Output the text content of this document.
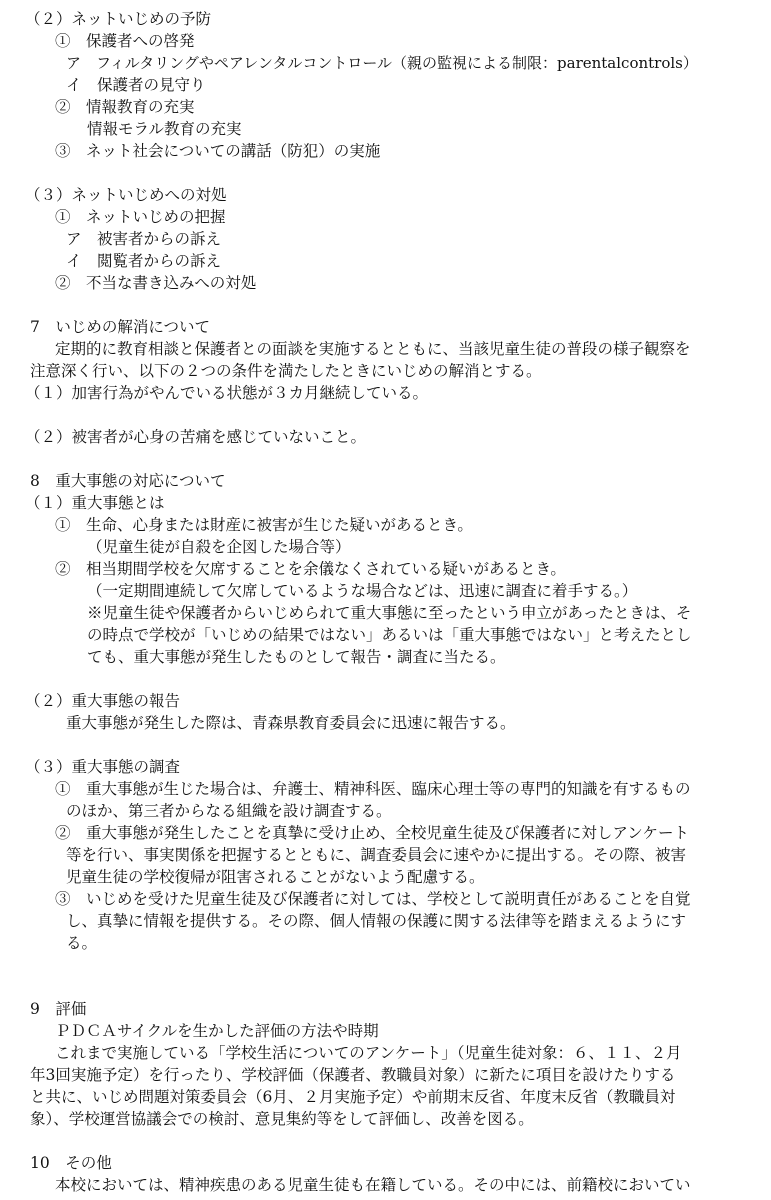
（２）ネットいじめの予防
①　保護者への啓発
ア　フィルタリングやペアレンタルコントロール（親の監視による制限：parentalcontrols）
イ　保護者の見守り
②　情報教育の充実
情報モラル教育の充実
③　ネット社会についての講話（防犯）の実施
（３）ネットいじめへの対処
①　ネットいじめの把握
ア　被害者からの訴え
イ　閲覧者からの訴え
②　不当な書き込みへの対処
7　いじめの解消について
定期的に教育相談と保護者との面談を実施するとともに、当該児童生徒の普段の様子観察を
注意深く行い、以下の２つの条件を満たしたときにいじめの解消とする。
（１）加害行為がやんでいる状態が３カ月継続している。
（２）被害者が心身の苦痛を感じていないこと。
8　重大事態の対応について
（１）重大事態とは
①　生命、心身または財産に被害が生じた疑いがあるとき。
（児童生徒が自殺を企図した場合等）
②　相当期間学校を欠席することを余儀なくされている疑いがあるとき。
（一定期間連続して欠席しているような場合などは、迅速に調査に着手する。）
※児童生徒や保護者からいじめられて重大事態に至ったという申立があったときは、そ
の時点で学校が「いじめの結果ではない」あるいは「重大事態ではない」と考えたとし
ても、重大事態が発生したものとして報告・調査に当たる。
（２）重大事態の報告
重大事態が発生した際は、青森県教育委員会に迅速に報告する。
（３）重大事態の調査
①　重大事態が生じた場合は、弁護士、精神科医、臨床心理士等の専門的知識を有するもの
のほか、第三者からなる組織を設け調査する。
②　重大事態が発生したことを真摯に受け止め、全校児童生徒及び保護者に対しアンケート
等を行い、事実関係を把握するとともに、調査委員会に速やかに提出する。その際、被害
児童生徒の学校復帰が阻害されることがないよう配慮する。
③　いじめを受けた児童生徒及び保護者に対しては、学校として説明責任があることを自覚
し、真摯に情報を提供する。その際、個人情報の保護に関する法律等を踏まえるようにす
る。
9　評価
ＰＤＣＡサイクルを生かした評価の方法や時期
これまで実施している「学校生活についてのアンケート」（児童生徒対象：６、１１、２月
年3回実施予定）を行ったり、学校評価（保護者、教職員対象）に新たに項目を設けたりする
と共に、いじめ問題対策委員会（6月、２月実施予定）や前期末反省、年度末反省（教職員対
象）、学校運営協議会での検討、意見集約等をして評価し、改善を図る。
10　その他
本校においては、精神疾患のある児童生徒も在籍している。その中には、前籍校においてい
